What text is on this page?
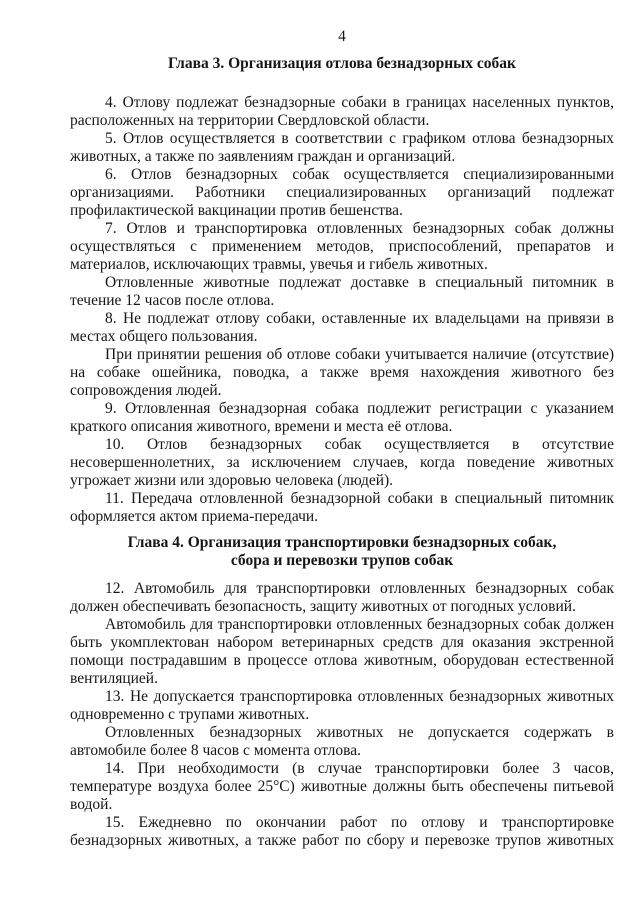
4
Глава 3. Организация отлова безнадзорных собак

4. Отлову подлежат безнадзорные собаки в границах населенных пунктов, расположенных на территории Свердловской области.

5. Отлов осуществляется в соответствии с графиком отлова безнадзорных животных, а также по заявлениям граждан и организаций.

6. Отлов безнадзорных собак осуществляется специализированными организациями. Работники специализированных организаций подлежат профилактической вакцинации против бешенства.

7. Отлов и транспортировка отловленных безнадзорных собак должны осуществляться с применением методов, приспособлений, препаратов и материалов, исключающих травмы, увечья и гибель животных.

Отловленные животные подлежат доставке в специальный питомник в течение 12 часов после отлова.

8. Не подлежат отлову собаки, оставленные их владельцами на привязи в местах общего пользования.

При принятии решения об отлове собаки учитывается наличие (отсутствие) на собаке ошейника, поводка, а также время нахождения животного без сопровождения людей.

9. Отловленная безнадзорная собака подлежит регистрации с указанием краткого описания животного, времени и места её отлова.

10. Отлов безнадзорных собак осуществляется в отсутствие несовершеннолетних, за исключением случаев, когда поведение животных угрожает жизни или здоровью человека (людей).

11. Передача отловленной безнадзорной собаки в специальный питомник оформляется актом приема-передачи.

Глава 4. Организация транспортировки безнадзорных собак,
сбора и перевозки трупов собак

12. Автомобиль для транспортировки отловленных безнадзорных собак должен обеспечивать безопасность, защиту животных от погодных условий.

Автомобиль для транспортировки отловленных безнадзорных собак должен быть укомплектован набором ветеринарных средств для оказания экстренной помощи пострадавшим в процессе отлова животным, оборудован естественной вентиляцией.

13. Не допускается транспортировка отловленных безнадзорных животных одновременно с трупами животных.

Отловленных безнадзорных животных не допускается содержать в автомобиле более 8 часов с момента отлова.

14. При необходимости (в случае транспортировки более 3 часов, температуре воздуха более 25°С) животные должны быть обеспечены питьевой водой.

15. Ежедневно по окончании работ по отлову и транспортировке безнадзорных животных, а также работ по сбору и перевозке трупов животных
